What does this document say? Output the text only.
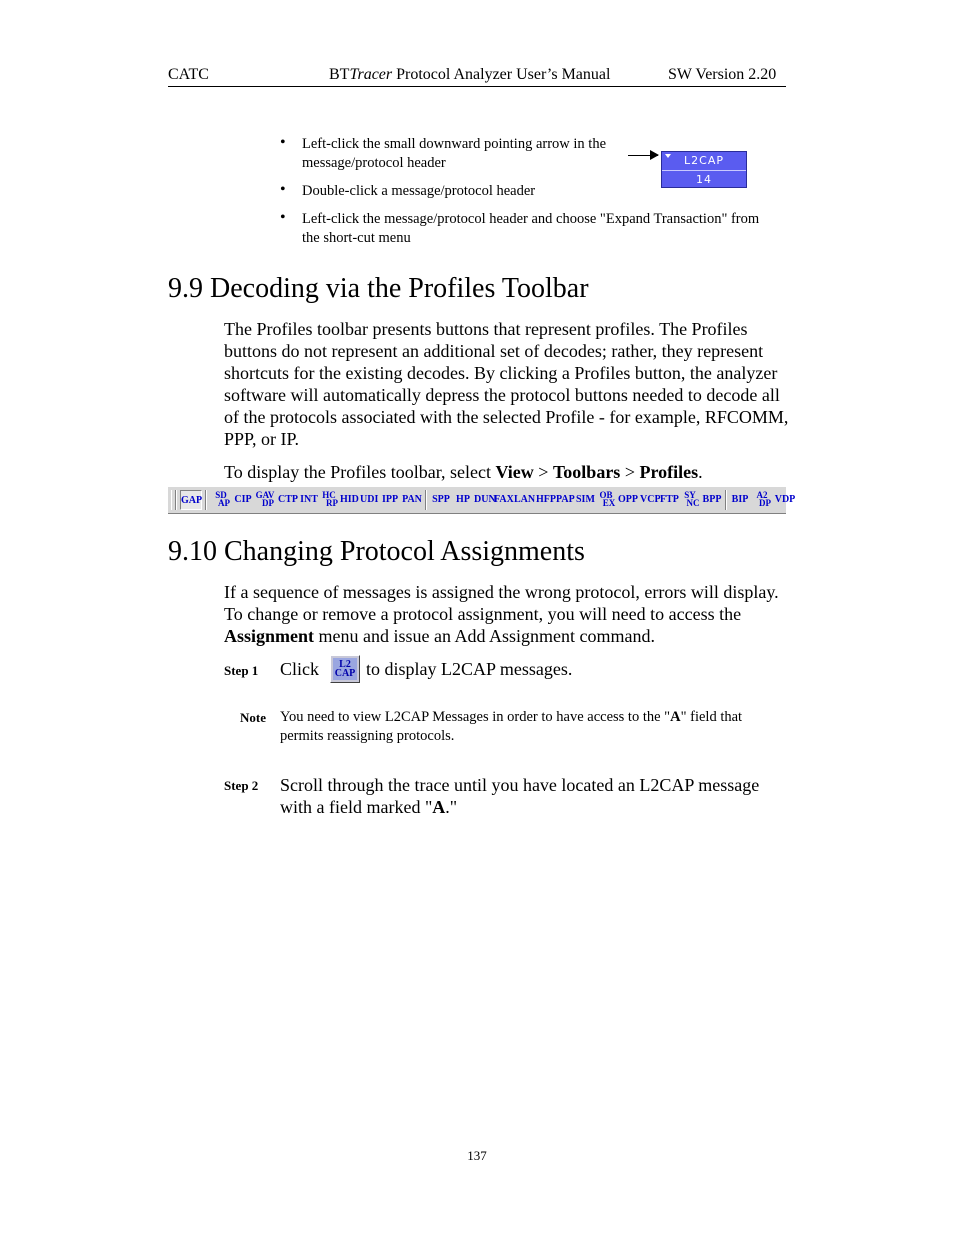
CATC	BTTracer Protocol Analyzer User’s Manual	SW Version 2.20
• Left-click the small downward pointing arrow in the message/protocol header
• Double-click a message/protocol header
• Left-click the message/protocol header and choose "Expand Transaction" from the short-cut menu
L2CAP
14
9.9 Decoding via the Profiles Toolbar
The Profiles toolbar presents buttons that represent profiles. The Profiles buttons do not represent an additional set of decodes; rather, they represent shortcuts for the existing decodes. By clicking a Profiles button, the analyzer software will automatically depress the protocol buttons needed to decode all of the protocols associated with the selected Profile - for example, RFCOMM, PPP, or IP.
To display the Profiles toolbar, select View > Toolbars > Profiles.
GAP	SD
AP CIP GAV
DP CTP INT HC
RP HID UDI IPP PAN SPP HP DUN
FAX LAN HFP PAP SIM OB
EX OPP VCP FTP SY
NC BPP BIP A2
DP VDP
9.10 Changing Protocol Assignments
If a sequence of messages is assigned the wrong protocol, errors will display. To change or remove a protocol assignment, you will need to access the Assignment menu and issue an Add Assignment command.
Step 1 Click	L2
CAP to display L2CAP messages.
Note You need to view L2CAP Messages in order to have access to the "A" field that permits reassigning protocols.
Step 2 Scroll through the trace until you have located an L2CAP message with a field marked "A."
137
